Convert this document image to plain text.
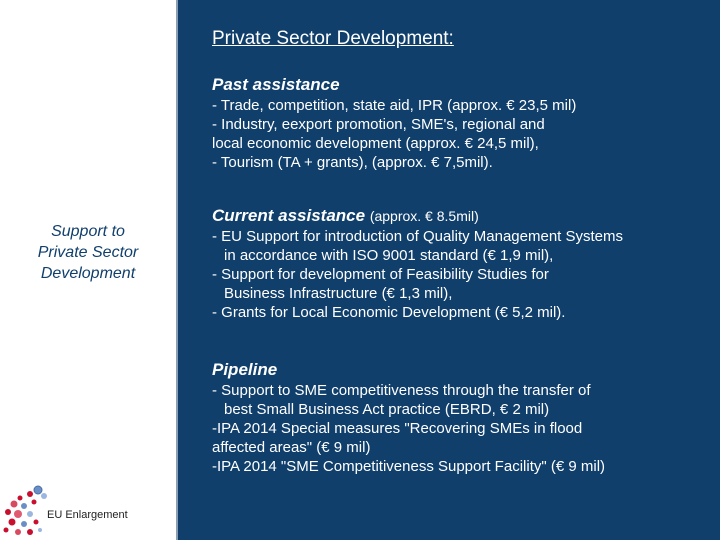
Support to
Private Sector
Development
EU Enlargement
Private Sector Development:
Past assistance
- Trade, competition, state aid, IPR (approx. € 23,5 mil)
- Industry, eexport promotion, SME's, regional and
local economic development (approx. € 24,5 mil),
- Tourism (TA + grants), (approx. € 7,5mil).
Current assistance (approx. € 8.5mil)
- EU Support for introduction of Quality Management Systems
in accordance with ISO 9001 standard (€ 1,9 mil),
- Support for development of Feasibility Studies for
Business Infrastructure (€ 1,3 mil),
- Grants for Local Economic Development (€ 5,2 mil).
Pipeline
- Support to SME competitiveness through the transfer of
best Small Business Act practice (EBRD, € 2 mil)
-IPA 2014 Special measures "Recovering SMEs in flood
affected areas" (€ 9 mil)
-IPA 2014 "SME Competitiveness Support Facility" (€ 9 mil)
